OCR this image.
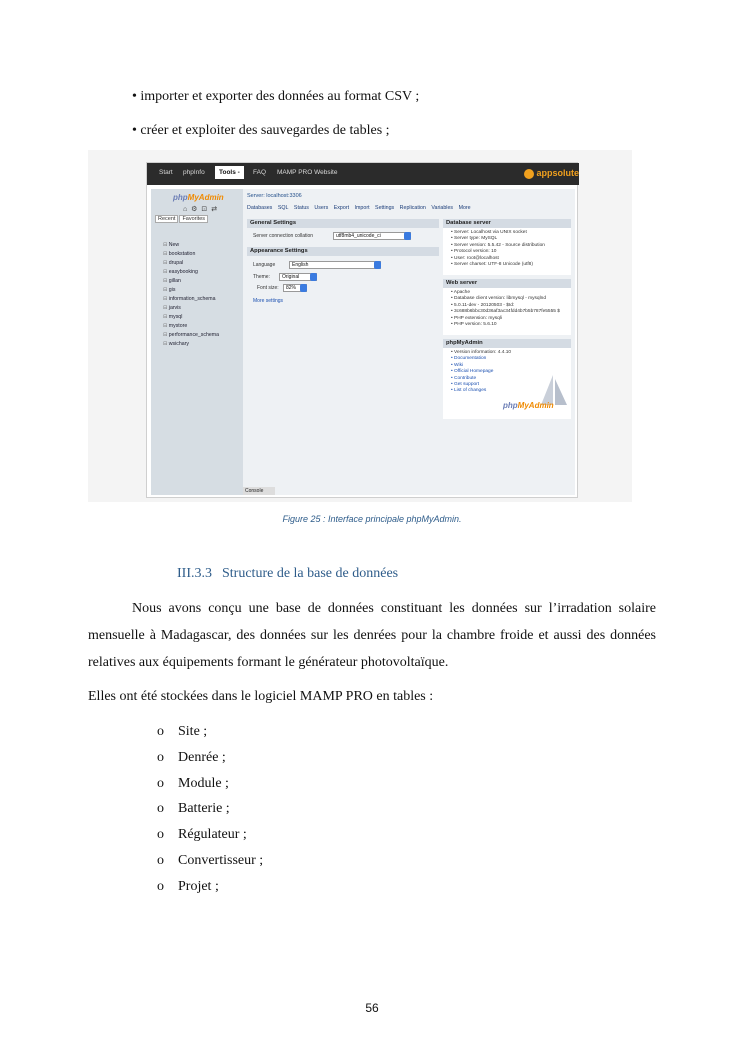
• importer et exporter des données au format CSV ;
• créer et exploiter des sauvegardes de tables ;
Start phpInfo	Tools -	FAQ MAMP PRO Website	appsolute
phpMyAdmin
⌂ ⚙ ⊡ ⇄
Recent Favorites
⊟ New
⊟ bookstation
⊟ drupal
⊟ easybooking
⊟ gillan
⊟ gis
⊟ information_schema
⊟ jarvis
⊟ mysql
⊟ mystore
⊟ performance_schema
⊟ wsichary
Server: localhost:3306
Databases SQL Status Users Export Import Settings Replication Variables More
General Settings
Server connection collation	utf8mb4_unicode_ci
Appearance Settings
Language	English
Theme:	Original
Font size:	82%
More settings
Database server
• Server: Localhost via UNIX socket
• Server type: MySQL
• Server version: 5.5.42 - Source distribution
• Protocol version: 10
• User: root@localhost
• Server charset: UTF-8 Unicode (utf8)
Web server
• Apache
• Database client version: libmysql - mysqlnd
• 5.0.11-dev - 20120503 - $Id:
• 3c688b6bbc30d36af3ac34fdd4b7b5b787fe5555 $
• PHP extension: mysqli
• PHP version: 5.6.10
phpMyAdmin
• Version information: 4.4.10
• Documentation
• Wiki
• Official Homepage
• Contribute
• Get support
• List of changes
phpMyAdmin
Console
Figure 25 : Interface principale phpMyAdmin.
III.3.3 Structure de la base de données

Nous avons conçu une base de données constituant les données sur l’irradation solaire mensuelle à Madagascar, des données sur les denrées pour la chambre froide et aussi des données relatives aux équipements formant le générateur photovoltaïque.

Elles ont été stockées dans le logiciel MAMP PRO en tables :

o Site ;
o Denrée ;
o Module ;
o Batterie ;
o Régulateur ;
o Convertisseur ;
o Projet ;
56
